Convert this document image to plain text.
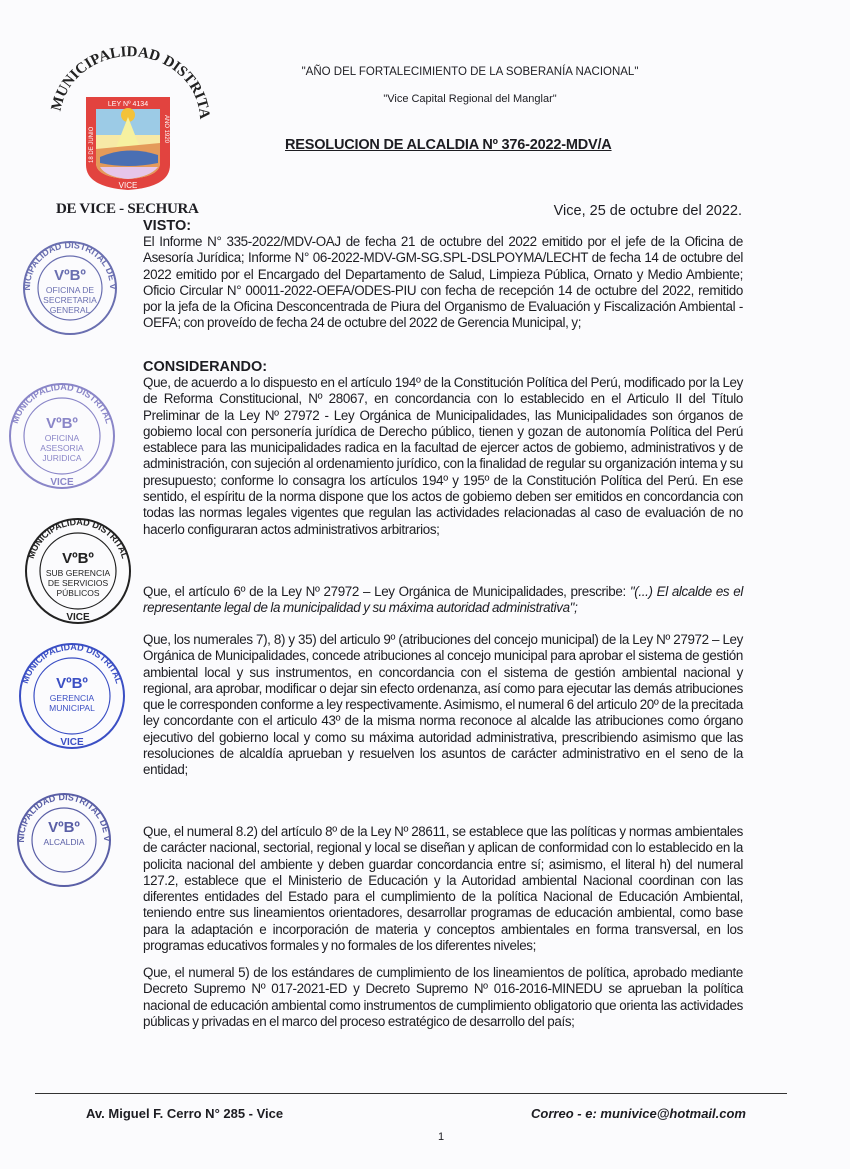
MUNICIPALIDAD DISTRITA
LEY Nº 4134
VICE
18 DE JUNIO	AÑO 1920
DE VICE - SECHURA
"AÑO DEL FORTALECIMIENTO DE LA SOBERANÍA NACIONAL"
"Vice Capital Regional del Manglar"
RESOLUCION DE ALCALDIA Nº 376-2022-MDV/A
Vice, 25 de octubre del 2022.
NICIPALIDAD DISTRITAL DE V
VºBº
OFICINA DE
SECRETARIA
GENERAL
MUNICIPALIDAD DISTRITAL
VICE
VºBº
OFICINA
ASESORIA
JURIDICA
MUNICIPALIDAD DISTRITAL
VICE
VºBº
SUB GERENCIA
DE SERVICIOS
PÚBLICOS
MUNICIPALIDAD DISTRITAL
VICE
VºBº
GERENCIA
MUNICIPAL
NICIPALIDAD DISTRITAL DE V
VºBº
ALCALDIA
VISTO:
El Informe N° 335-2022/MDV-OAJ de fecha 21 de octubre del 2022 emitido por el jefe de la Oficina de Asesoría Jurídica; Informe N° 06-2022-MDV-GM-SG.SPL-DSLPOYMA/LECHT de fecha 14 de octubre del 2022 emitido por el Encargado del Departamento de Salud, Limpieza Pública, Ornato y Medio Ambiente; Oficio Circular N° 00011-2022-OEFA/ODES-PIU con fecha de recepción 14 de octubre del 2022, remitido por la jefa de la Oficina Desconcentrada de Piura del Organismo de Evaluación y Fiscalización Ambiental -OEFA; con proveído de fecha 24 de octubre del 2022 de Gerencia Municipal, y;
CONSIDERANDO:
Que, de acuerdo a lo dispuesto en el artículo 194º de la Constitución Política del Perú, modificado por la Ley de Reforma Constitucional, Nº 28067, en concordancia con lo establecido en el Articulo II del Título Preliminar de la Ley Nº 27972 - Ley Orgánica de Municipalidades, las Municipalidades son órganos de gobiemo local con personería jurídica de Derecho público, tienen y gozan de autonomía Política del Perú establece para las municipalidades radica en la facultad de ejercer actos de gobiemo, administrativos y de administración, con sujeción al ordenamiento jurídico, con la finalidad de regular su organización intema y su presupuesto; conforme lo consagra los artículos 194º y 195º de la Constitución Política del Perú. En ese sentido, el espíritu de la norma dispone que los actos de gobiemo deben ser emitidos en concordancia con todas las normas legales vigentes que regulan las actividades relacionadas al caso de evaluación de no hacerlo configuraran actos administrativos arbitrarios;
Que, el artículo 6º de la Ley Nº 27972 – Ley Orgánica de Municipalidades, prescribe: "(...) El alcalde es el representante legal de la municipalidad y su máxima autoridad administrativa";
Que, los numerales 7), 8) y 35) del articulo 9º (atribuciones del concejo municipal) de la Ley Nº 27972 – Ley Orgánica de Municipalidades, concede atribuciones al concejo municipal para aprobar el sistema de gestión ambiental local y sus instrumentos, en concordancia con el sistema de gestión ambiental nacional y regional, ara aprobar, modificar o dejar sin efecto ordenanza, así como para ejecutar las demás atribuciones que le corresponden conforme a ley respectivamente. Asimismo, el numeral 6 del articulo 20º de la precitada ley concordante con el articulo 43º de la misma norma reconoce al alcalde las atribuciones como órgano ejecutivo del gobierno local y como su máxima autoridad administrativa, prescribiendo asimismo que las resoluciones de alcaldía aprueban y resuelven los asuntos de carácter administrativo en el seno de la entidad;
Que, el numeral 8.2) del artículo 8º de la Ley Nº 28611, se establece que las políticas y normas ambientales de carácter nacional, sectorial, regional y local se diseñan y aplican de conformidad con lo establecido en la policita nacional del ambiente y deben guardar concordancia entre sí; asimismo, el literal h) del numeral 127.2, establece que el Ministerio de Educación y la Autoridad ambiental Nacional coordinan con las diferentes entidades del Estado para el cumplimiento de la política Nacional de Educación Ambiental, teniendo entre sus lineamientos orientadores, desarrollar programas de educación ambiental, como base para la adaptación e incorporación de materia y conceptos ambientales en forma transversal, en los programas educativos formales y no formales de los diferentes niveles;
Que, el numeral 5) de los estándares de cumplimiento de los lineamientos de política, aprobado mediante Decreto Supremo Nº 017-2021-ED y Decreto Supremo Nº 016-2016-MINEDU se aprueban la política nacional de educación ambiental como instrumentos de cumplimiento obligatorio que orienta las actividades públicas y privadas en el marco del proceso estratégico de desarrollo del país;
Av. Miguel F. Cerro N° 285 - Vice	Correo - e: munivice@hotmail.com
1
